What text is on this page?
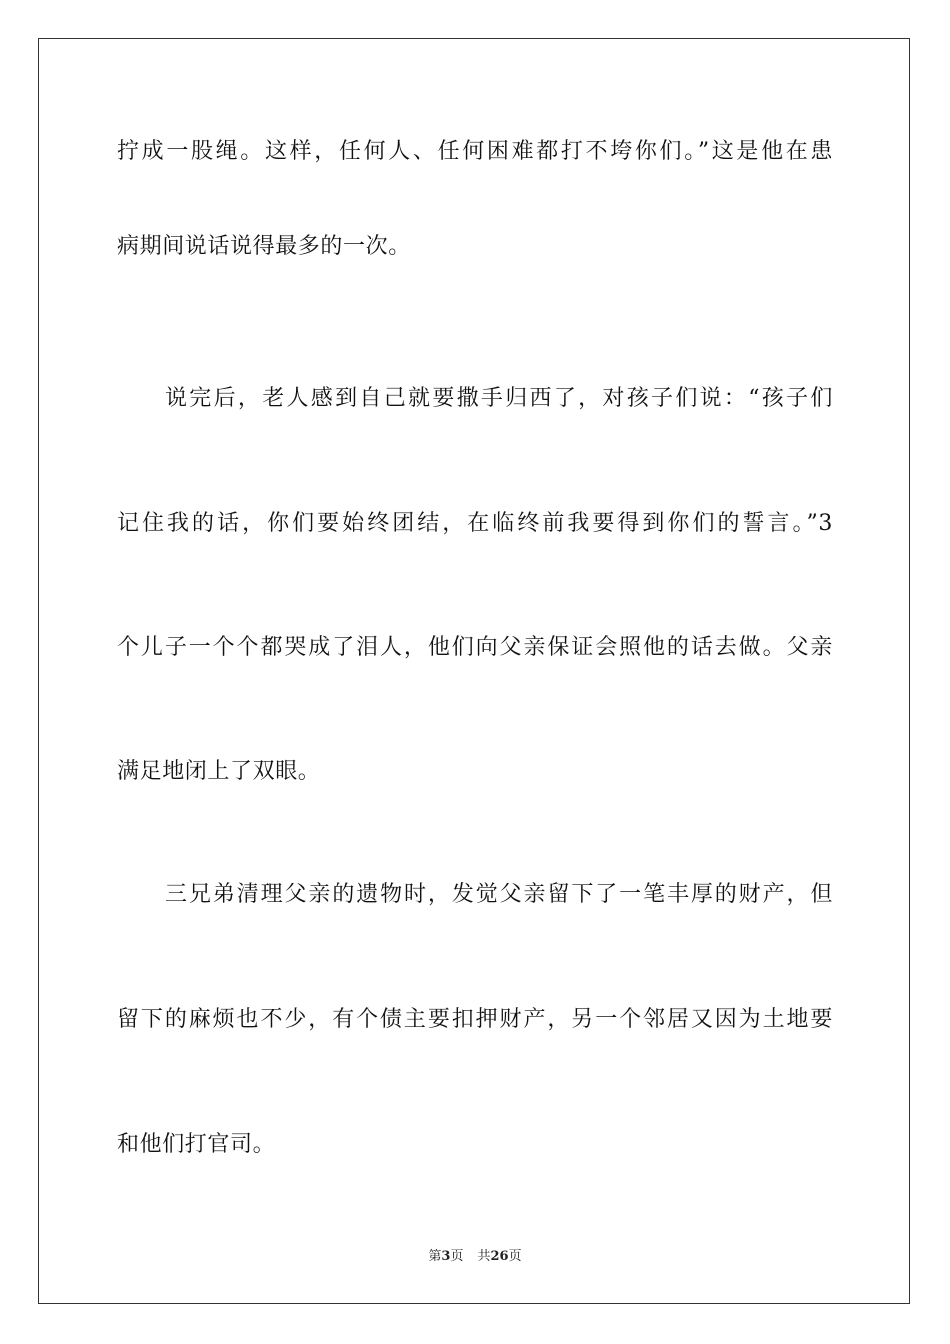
拧成一股绳。这样，任何人、任何困难都打不垮你们。”这是他在患
病期间说话说得最多的一次。
说完后，老人感到自己就要撒手归西了，对孩子们说：“孩子们
记住我的话，你们要始终团结，在临终前我要得到你们的誓言。”3
个儿子一个个都哭成了泪人，他们向父亲保证会照他的话去做。父亲
满足地闭上了双眼。
三兄弟清理父亲的遗物时，发觉父亲留下了一笔丰厚的财产，但
留下的麻烦也不少，有个债主要扣押财产，另一个邻居又因为土地要
和他们打官司。
第3页 共26页
